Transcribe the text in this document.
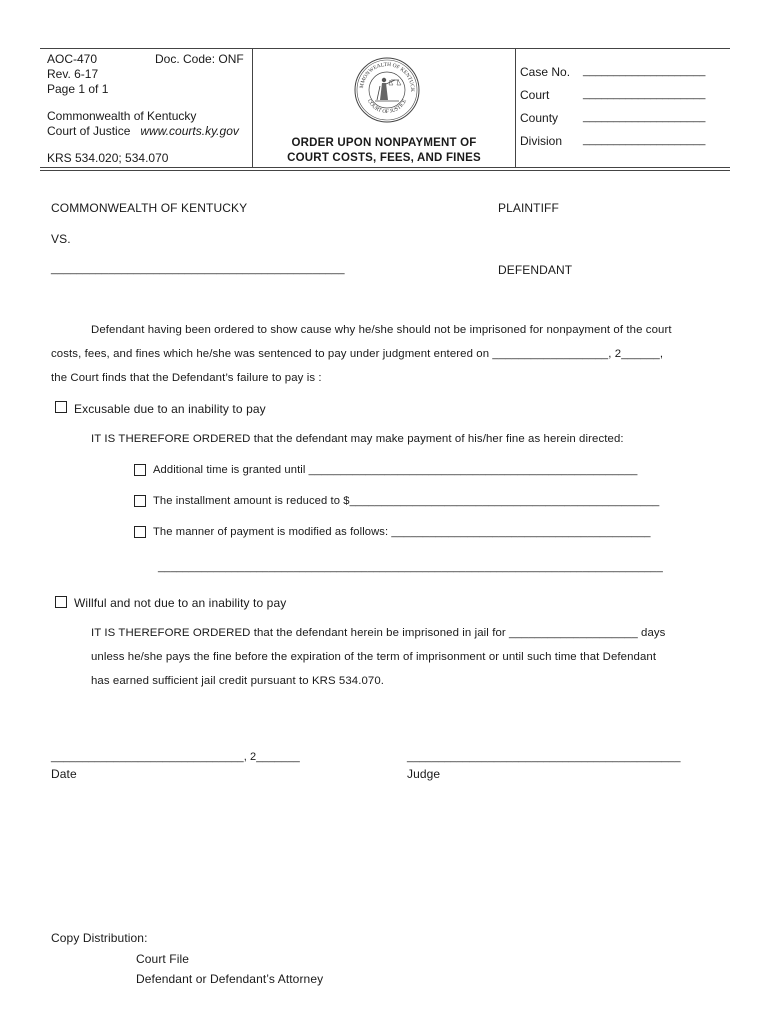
AOC-470	Doc. Code: ONF
Rev. 6-17
Page 1 of 1
Commonwealth of Kentucky
Court of Justice www.courts.ky.gov
KRS 534.020; 534.070
MMONWEALTH OF KENTUCK
COURT OF JUSTICE
ORDER UPON NONPAYMENT OF
COURT COSTS, FEES, AND FINES
Case No. ____________________
Court	____________________
County ____________________
Division ____________________
COMMONWEALTH OF KENTUCKY	PLAINTIFF
VS.
______________________________________________	DEFENDANT
Defendant having been ordered to show cause why he/she should not be imprisoned for nonpayment of the court
costs, fees, and fines which he/she was sentenced to pay under judgment entered on __________________, 2______,
the Court finds that the Defendant’s failure to pay is :
Excusable due to an inability to pay
IT IS THEREFORE ORDERED that the defendant may make payment of his/her fine as herein directed:
Additional time is granted until ____________________________________________________
The installment amount is reduced to $_________________________________________________
The manner of payment is modified as follows: _________________________________________
__________________________________________________________________________________
Willful and not due to an inability to pay
IT IS THEREFORE ORDERED that the defendant herein be imprisoned in jail for ____________________ days
unless he/she pays the fine before the expiration of the term of imprisonment or until such time that Defendant
has earned sufficient jail credit pursuant to KRS 534.070.
_______________________________, 2_______
Date
____________________________________________
Judge
Copy Distribution:
Court File
Defendant or Defendant’s Attorney
